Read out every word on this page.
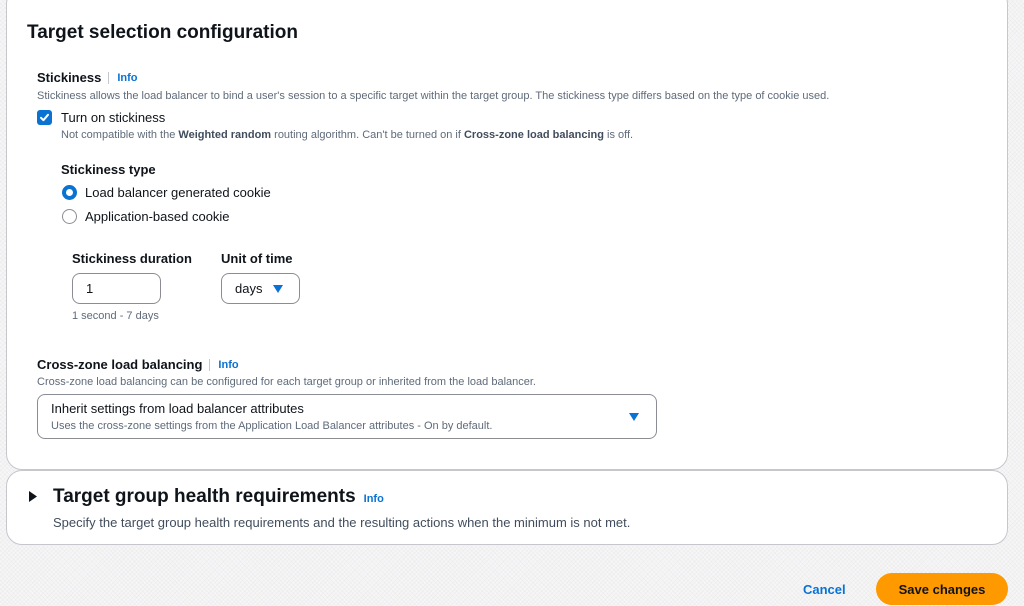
Target selection configuration
Stickiness	Info
Stickiness allows the load balancer to bind a user's session to a specific target within the target group. The stickiness type differs based on the type of cookie used.
Turn on stickiness
Not compatible with the Weighted random routing algorithm. Can't be turned on if Cross-zone load balancing is off.
Stickiness type
Load balancer generated cookie
Application-based cookie
Stickiness duration
1
1 second - 7 days
Unit of time
days
Cross-zone load balancing	Info
Cross-zone load balancing can be configured for each target group or inherited from the load balancer.
Inherit settings from load balancer attributes
Uses the cross-zone settings from the Application Load Balancer attributes - On by default.
Target group health requirements Info
Specify the target group health requirements and the resulting actions when the minimum is not met.
Cancel	Save changes
